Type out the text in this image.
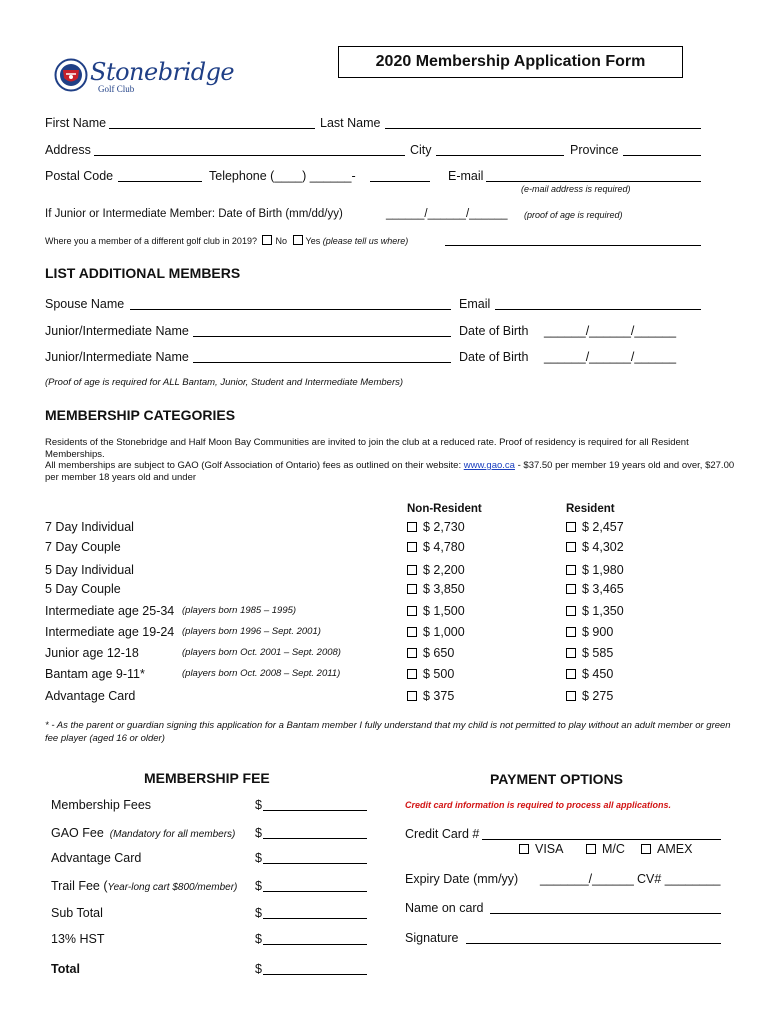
Stonebridge
Golf Club
2020 Membership Application Form
First Name	Last Name
Address	City	Province
Postal Code	Telephone (____) ______-	E-mail
(e-mail address is required)
If Junior or Intermediate Member: Date of Birth (mm/dd/yy)	______/______/______ (proof of age is required)
Where you a member of a different golf club in 2019? No Yes (please tell us where)
LIST ADDITIONAL MEMBERS
Spouse Name	Email
Junior/Intermediate Name	Date of Birth ______/______/______
Junior/Intermediate Name	Date of Birth ______/______/______
(Proof of age is required for ALL Bantam, Junior, Student and Intermediate Members)
MEMBERSHIP CATEGORIES
Residents of the Stonebridge and Half Moon Bay Communities are invited to join the club at a reduced rate. Proof of residency is required for all Resident Memberships.
All memberships are subject to GAO (Golf Association of Ontario) fees as outlined on their website: www.gao.ca - $37.50 per member 19 years old and over, $27.00 per member 18 years old and under
Non-Resident	Resident
7 Day Individual	$ 2,730	$ 2,457
7 Day Couple	$ 4,780	$ 4,302
5 Day Individual	$ 2,200	$ 1,980
5 Day Couple	$ 3,850	$ 3,465
Intermediate age 25-34 (players born 1985 – 1995)	$ 1,500	$ 1,350
Intermediate age 19-24 (players born 1996 – Sept. 2001)	$ 1,000	$ 900
Junior age 12-18	(players born Oct. 2001 – Sept. 2008)	$ 650	$ 585
Bantam age 9-11*	(players born Oct. 2008 – Sept. 2011)	$ 500	$ 450
Advantage Card	$ 375	$ 275
* - As the parent or guardian signing this application for a Bantam member I fully understand that my child is not permitted to play without an adult member or green fee player (aged 16 or older)
MEMBERSHIP FEE
Membership Fees	$
GAO Fee (Mandatory for all members) $
Advantage Card	$
Trail Fee (Year-long cart $800/member) $
Sub Total	$
13% HST	$
Total	$
PAYMENT OPTIONS
Credit card information is required to process all applications.
Credit Card #
VISA	M/C	AMEX
Expiry Date (mm/yy) _______/______ CV# ________
Name on card
Signature
